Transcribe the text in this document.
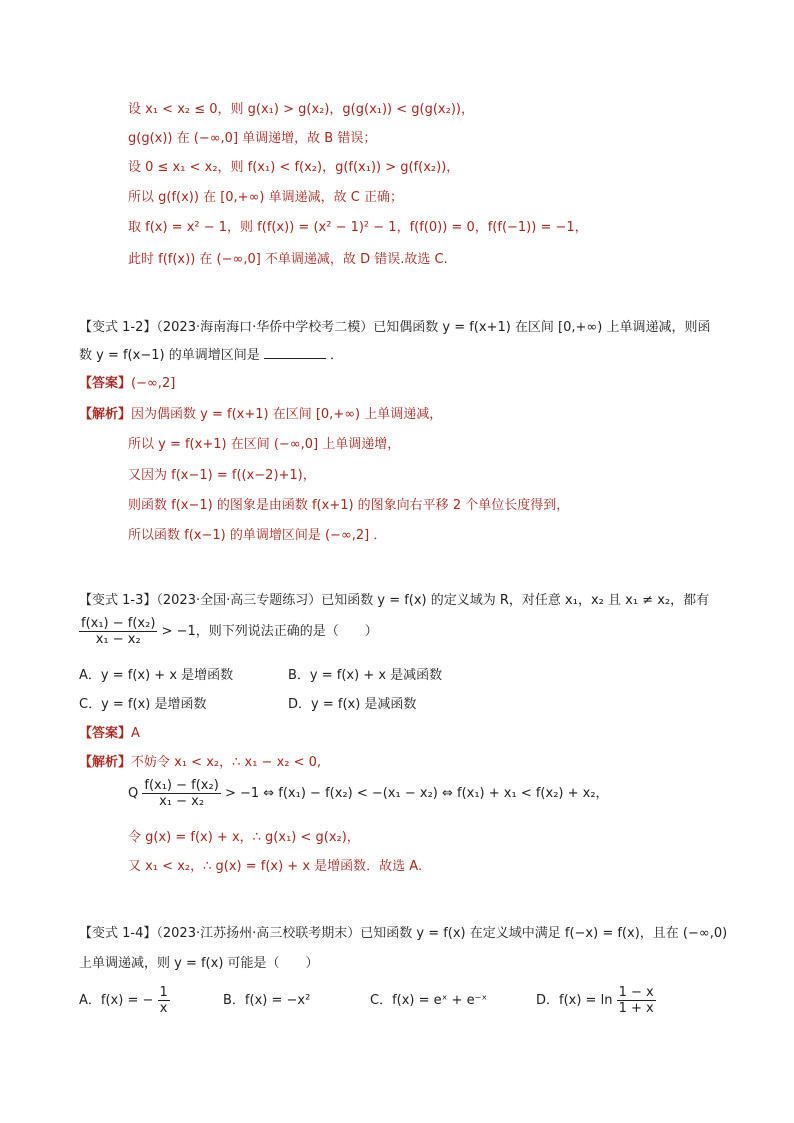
设 x₁ < x₂ ≤ 0，则 g(x₁) > g(x₂)，g(g(x₁)) < g(g(x₂))，
g(g(x)) 在 (−∞,0] 单调递增，故 B 错误；
设 0 ≤ x₁ < x₂，则 f(x₁) < f(x₂)，g(f(x₁)) > g(f(x₂))，
所以 g(f(x)) 在 [0,+∞) 单调递减，故 C 正确；
取 f(x) = x² − 1，则 f(f(x)) = (x² − 1)² − 1，f(f(0)) = 0，f(f(−1)) = −1，
此时 f(f(x)) 在 (−∞,0] 不单调递减，故 D 错误.故选 C.
【变式 1-2】（2023·海南海口·华侨中学校考二模）已知偶函数 y = f(x+1) 在区间 [0,+∞) 上单调递减，则函
数 y = f(x−1) 的单调增区间是	．
【答案】(−∞,2]
【解析】因为偶函数 y = f(x+1) 在区间 [0,+∞) 上单调递减，
所以 y = f(x+1) 在区间 (−∞,0] 上单调递增，
又因为 f(x−1) = f((x−2)+1)，
则函数 f(x−1) 的图象是由函数 f(x+1) 的图象向右平移 2 个单位长度得到，
所以函数 f(x−1) 的单调增区间是 (−∞,2] ．
【变式 1-3】（2023·全国·高三专题练习）已知函数 y = f(x) 的定义域为 R，对任意 x₁，x₂ 且 x₁ ≠ x₂，都有
$\frac{\text{f(x₁) − f(x₂)}}{\text{x₁ − x₂}} > -1$，则下列说法正确的是（　　）
A．y = f(x) + x 是增函数	B．y = f(x) + x 是减函数
C．y = f(x) 是增函数	D．y = f(x) 是减函数
【答案】A
【解析】不妨令 x₁ < x₂，∴ x₁ − x₂ < 0,
Q $\frac{\text{f(x₁) − f(x₂)}}{\text{x₁ − x₂}} > -1$ ⇔ f(x₁) − f(x₂) < −(x₁ − x₂) ⇔ f(x₁) + x₁ < f(x₂) + x₂，
令 g(x) = f(x) + x，∴ g(x₁) < g(x₂)，
又 x₁ < x₂，∴ g(x) = f(x) + x 是增函数．故选 A.
【变式 1-4】（2023·江苏扬州·高三校联考期末）已知函数 y = f(x) 在定义域中满足 f(−x) = f(x)，且在 (−∞,0)
上单调递减，则 y = f(x) 可能是（　　）
A．f(x) = − $\frac{1}{x}$	B．f(x) = −x²	C．f(x) = eˣ + e⁻ˣ	D．$f(x) = \ln \frac{1 - x}{1 + x}$
